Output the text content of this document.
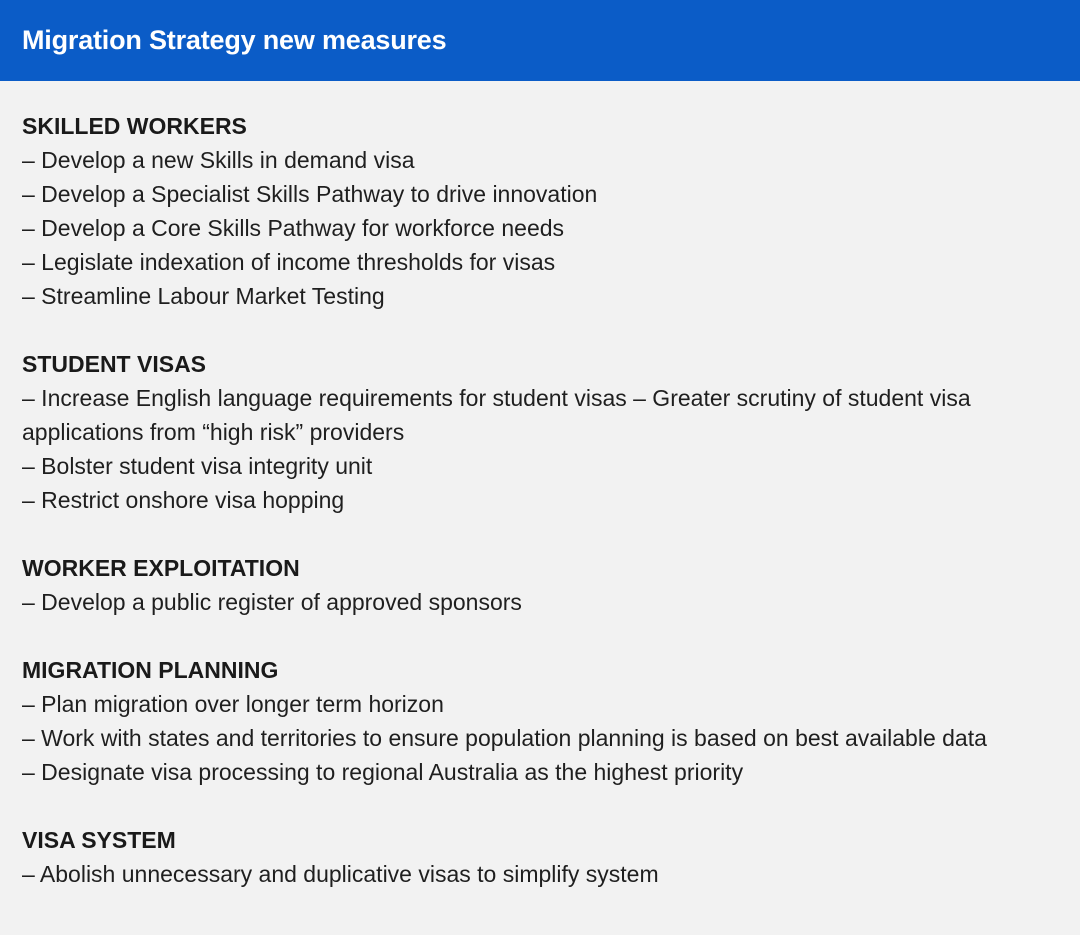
Migration Strategy new measures
SKILLED WORKERS
– Develop a new Skills in demand visa
– Develop a Specialist Skills Pathway to drive innovation
– Develop a Core Skills Pathway for workforce needs
– Legislate indexation of income thresholds for visas
– Streamline Labour Market Testing
STUDENT VISAS
– Increase English language requirements for student visas – Greater scrutiny of student visa applications from “high risk” providers
– Bolster student visa integrity unit
– Restrict onshore visa hopping
WORKER EXPLOITATION
– Develop a public register of approved sponsors
MIGRATION PLANNING
– Plan migration over longer term horizon
– Work with states and territories to ensure population planning is based on best available data
– Designate visa processing to regional Australia as the highest priority
VISA SYSTEM
– Abolish unnecessary and duplicative visas to simplify system
